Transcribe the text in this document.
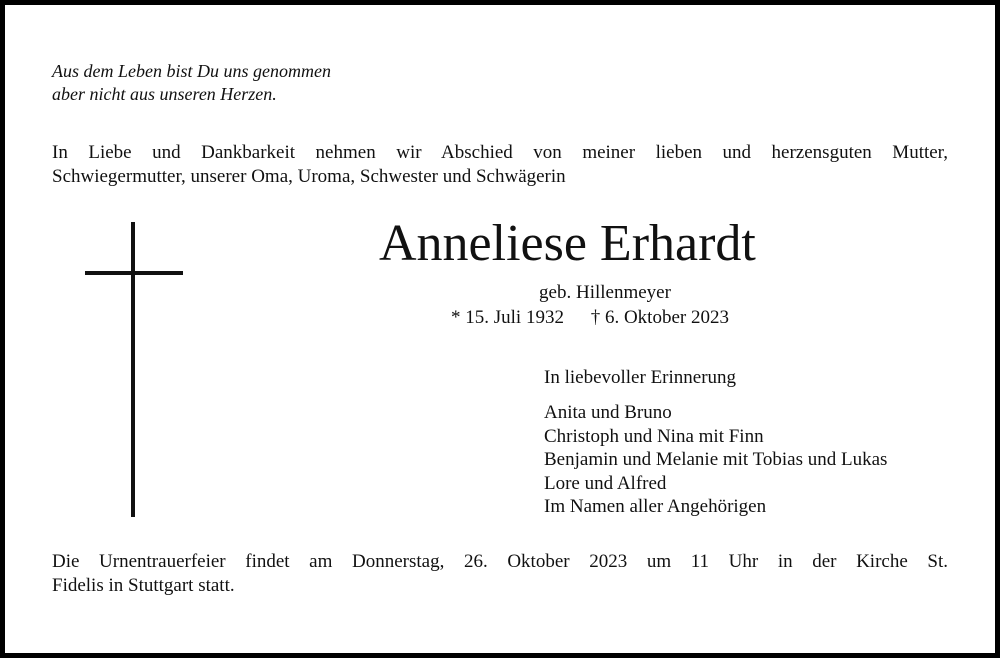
Aus dem Leben bist Du uns genommen
aber nicht aus unseren Herzen.
In Liebe und Dankbarkeit nehmen wir Abschied von meiner lieben und herzensguten Mutter,
Schwiegermutter, unserer Oma, Uroma, Schwester und Schwägerin
Anneliese Erhardt
geb. Hillenmeyer
* 15. Juli 1932 † 6. Oktober 2023
In liebevoller Erinnerung
Anita und Bruno
Christoph und Nina mit Finn
Benjamin und Melanie mit Tobias und Lukas
Lore und Alfred
Im Namen aller Angehörigen
Die Urnentrauerfeier findet am Donnerstag, 26. Oktober 2023 um 11 Uhr in der Kirche St.
Fidelis in Stuttgart statt.
